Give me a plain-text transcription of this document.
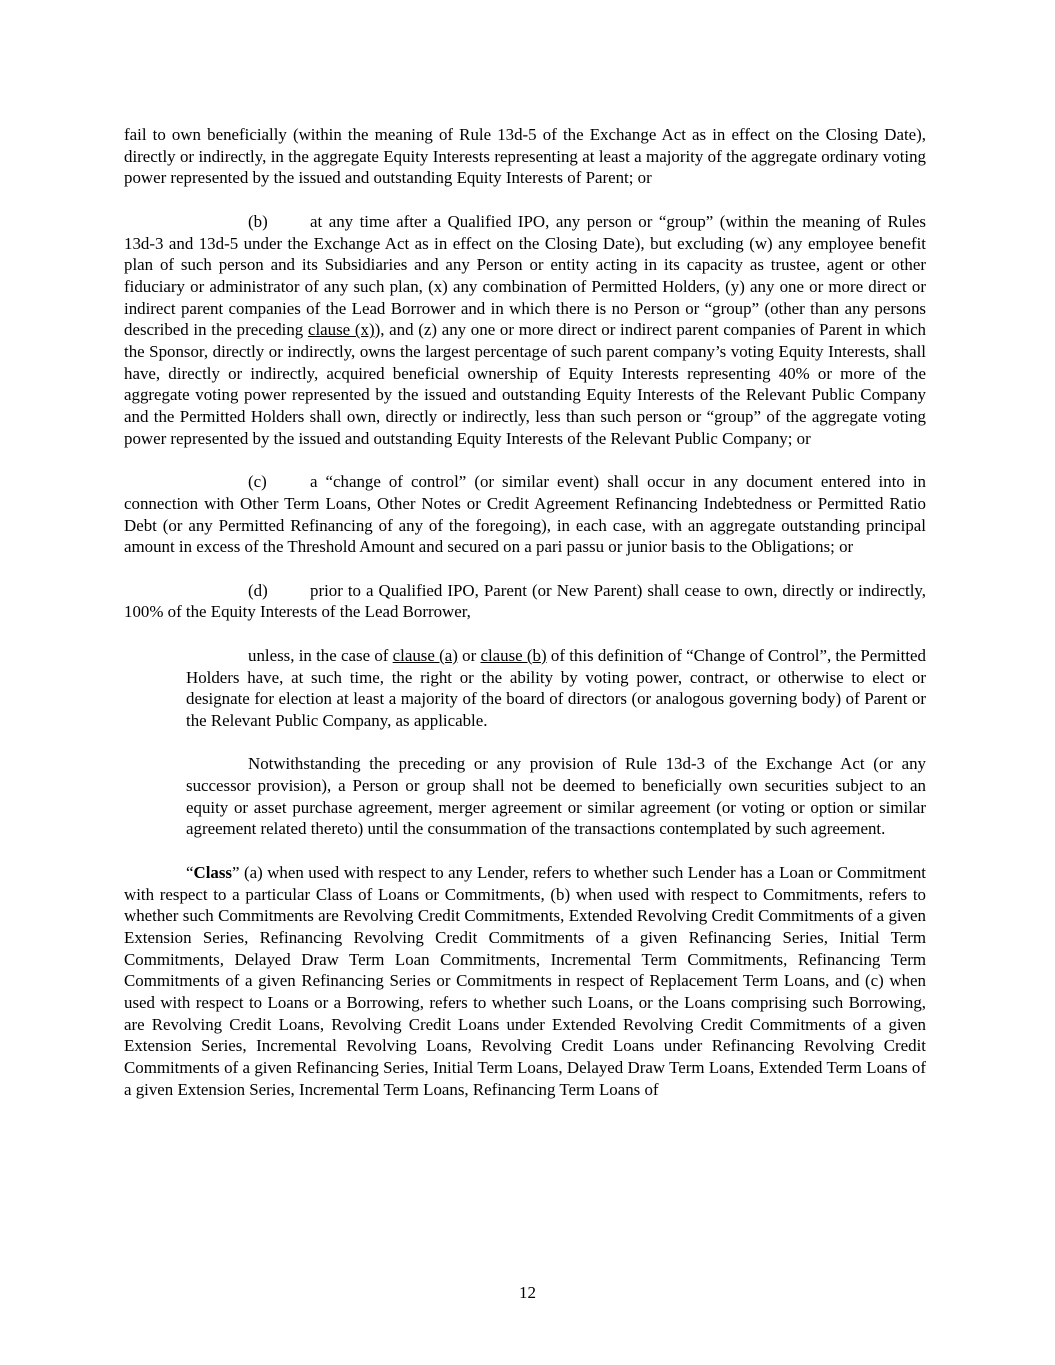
fail to own beneficially (within the meaning of Rule 13d-5 of the Exchange Act as in effect on the Closing Date), directly or indirectly, in the aggregate Equity Interests representing at least a majority of the aggregate ordinary voting power represented by the issued and outstanding Equity Interests of Parent; or

(b)	at any time after a Qualified IPO, any person or “group” (within the meaning of Rules 13d-3 and 13d-5 under the Exchange Act as in effect on the Closing Date), but excluding (w) any employee benefit plan of such person and its Subsidiaries and any Person or entity acting in its capacity as trustee, agent or other fiduciary or administrator of any such plan, (x) any combination of Permitted Holders, (y) any one or more direct or indirect parent companies of the Lead Borrower and in which there is no Person or “group” (other than any persons described in the preceding clause (x)), and (z) any one or more direct or indirect parent companies of Parent in which the Sponsor, directly or indirectly, owns the largest percentage of such parent company’s voting Equity Interests, shall have, directly or indirectly, acquired beneficial ownership of Equity Interests representing 40% or more of the aggregate voting power represented by the issued and outstanding Equity Interests of the Relevant Public Company and the Permitted Holders shall own, directly or indirectly, less than such person or “group” of the aggregate voting power represented by the issued and outstanding Equity Interests of the Relevant Public Company; or

(c)	a “change of control” (or similar event) shall occur in any document entered into in connection with Other Term Loans, Other Notes or Credit Agreement Refinancing Indebtedness or Permitted Ratio Debt (or any Permitted Refinancing of any of the foregoing), in each case, with an aggregate outstanding principal amount in excess of the Threshold Amount and secured on a pari passu or junior basis to the Obligations; or

(d)	prior to a Qualified IPO, Parent (or New Parent) shall cease to own, directly or indirectly, 100% of the Equity Interests of the Lead Borrower,

unless, in the case of clause (a) or clause (b) of this definition of “Change of Control”, the Permitted Holders have, at such time, the right or the ability by voting power, contract, or otherwise to elect or designate for election at least a majority of the board of directors (or analogous governing body) of Parent or the Relevant Public Company, as applicable.

Notwithstanding the preceding or any provision of Rule 13d-3 of the Exchange Act (or any successor provision), a Person or group shall not be deemed to beneficially own securities subject to an equity or asset purchase agreement, merger agreement or similar agreement (or voting or option or similar agreement related thereto) until the consummation of the transactions contemplated by such agreement.

“Class” (a) when used with respect to any Lender, refers to whether such Lender has a Loan or Commitment with respect to a particular Class of Loans or Commitments, (b) when used with respect to Commitments, refers to whether such Commitments are Revolving Credit Commitments, Extended Revolving Credit Commitments of a given Extension Series, Refinancing Revolving Credit Commitments of a given Refinancing Series, Initial Term Commitments, Delayed Draw Term Loan Commitments, Incremental Term Commitments, Refinancing Term Commitments of a given Refinancing Series or Commitments in respect of Replacement Term Loans, and (c) when used with respect to Loans or a Borrowing, refers to whether such Loans, or the Loans comprising such Borrowing, are Revolving Credit Loans, Revolving Credit Loans under Extended Revolving Credit Commitments of a given Extension Series, Incremental Revolving Loans, Revolving Credit Loans under Refinancing Revolving Credit Commitments of a given Refinancing Series, Initial Term Loans, Delayed Draw Term Loans, Extended Term Loans of a given Extension Series, Incremental Term Loans, Refinancing Term Loans of

12
